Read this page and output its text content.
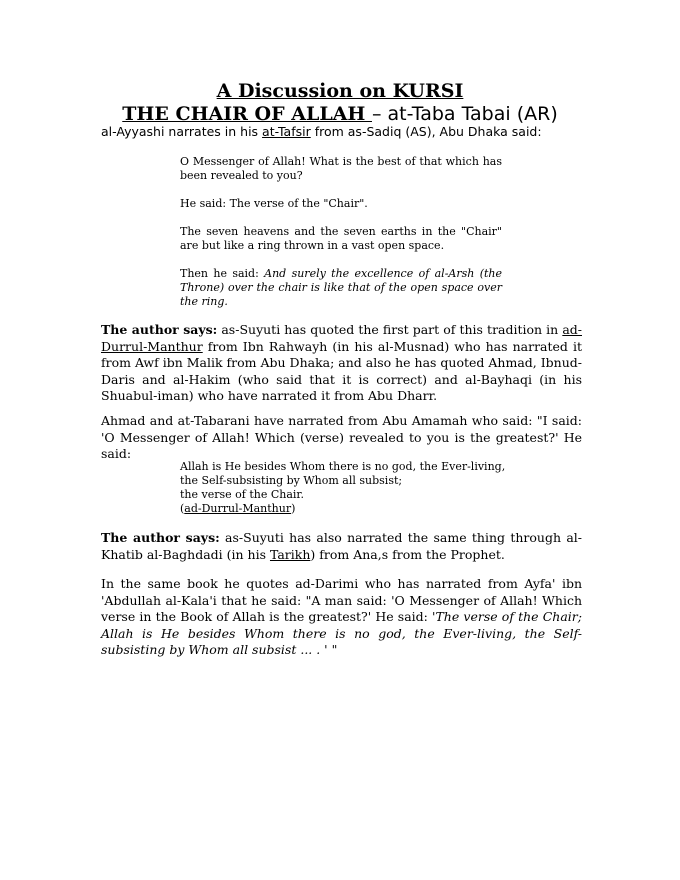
A Discussion on KURSI
THE CHAIR OF ALLAH – at-Taba Tabai (AR)
al-Ayyashi narrates in his at-Tafsir from as-Sadiq (AS), Abu Dhaka said:
O Messenger of Allah! What is the best of that which has been revealed to you?
He said: The verse of the "Chair".
The seven heavens and the seven earths in the "Chair" are but like a ring thrown in a vast open space.
Then he said: And surely the excellence of al-Arsh (the Throne) over the chair is like that of the open space over the ring.
The author says: as-Suyuti has quoted the first part of this tradition in ad-Durrul-Manthur from Ibn Rahwayh (in his al-Musnad) who has narrated it from Awf ibn Malik from Abu Dhaka; and also he has quoted Ahmad, Ibnud-Daris and al-Hakim (who said that it is correct) and al-Bayhaqi (in his Shuabul-iman) who have narrated it from Abu Dharr.
Ahmad and at-Tabarani have narrated from Abu Amamah who said: "I said: 'O Messenger of Allah! Which (verse) revealed to you is the greatest?' He said:
Allah is He besides Whom there is no god, the Ever-living,
the Self-subsisting by Whom all subsist;
the verse of the Chair.
(ad-Durrul-Manthur)
The author says: as-Suyuti has also narrated the same thing through al-Khatib al-Baghdadi (in his Tarikh) from Ana,s from the Prophet.
In the same book he quotes ad-Darimi who has narrated from Ayfa' ibn 'Abdullah al-Kala'i that he said: "A man said: 'O Messenger of Allah! Which verse in the Book of Allah is the greatest?' He said: 'The verse of the Chair; Allah is He besides Whom there is no god, the Ever-living, the Self-subsisting by Whom all subsist ... . ' "
